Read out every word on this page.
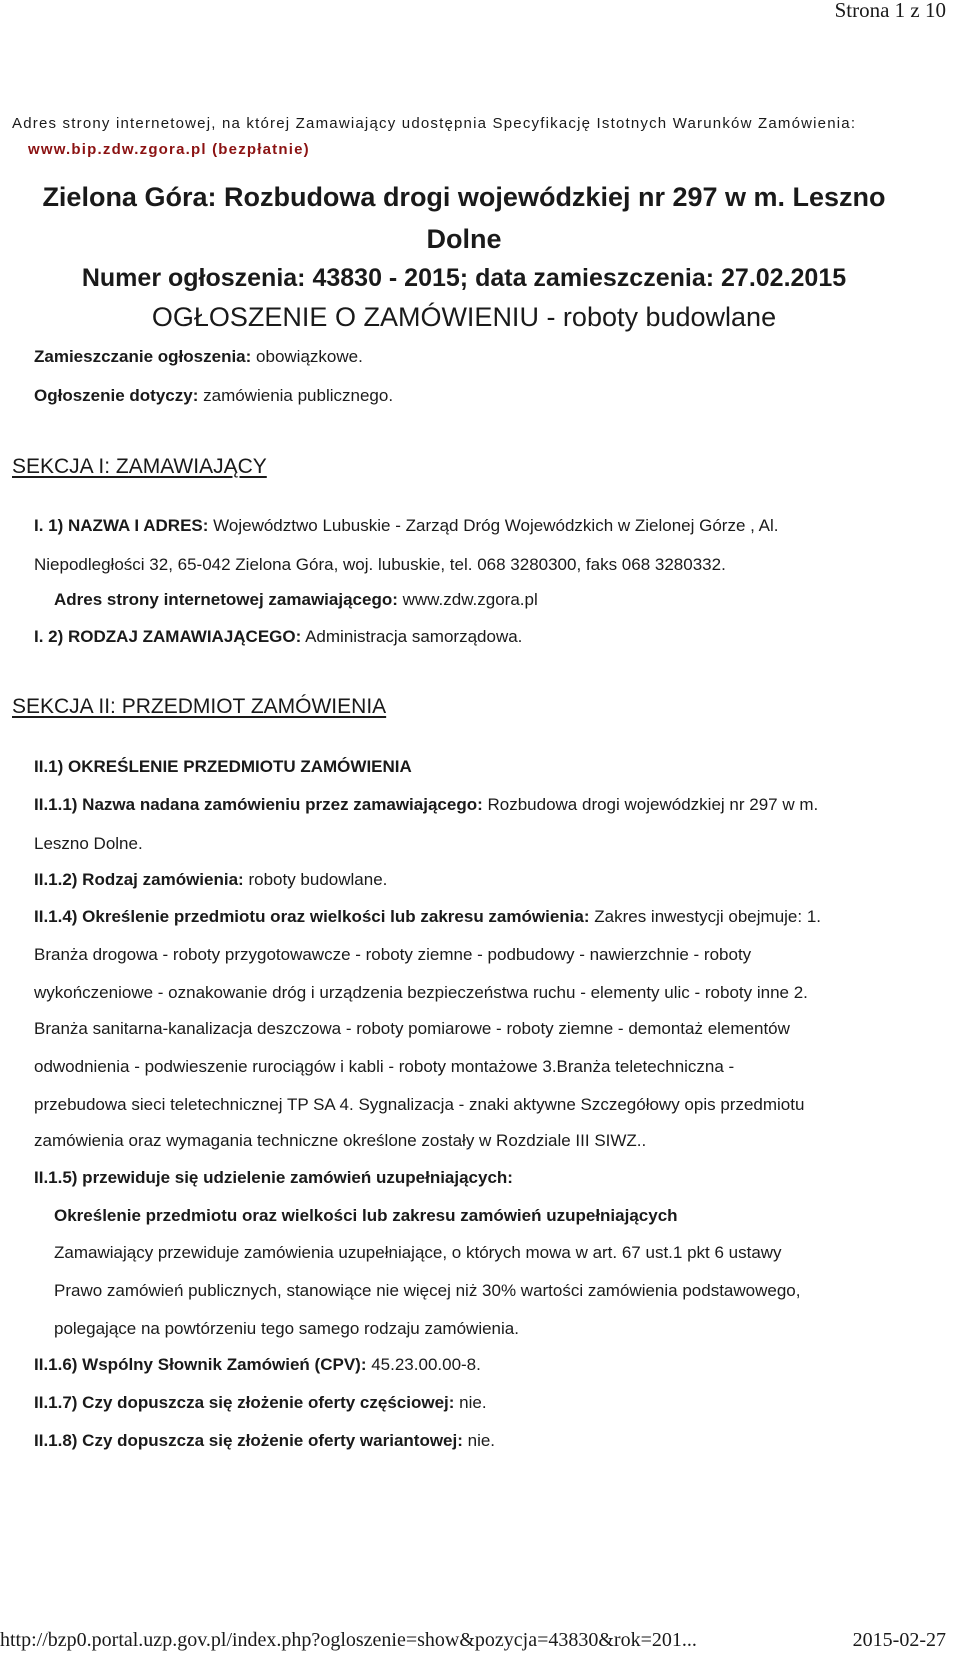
Strona 1 z 10
Adres strony internetowej, na której Zamawiający udostępnia Specyfikację Istotnych Warunków Zamówienia:
www.bip.zdw.zgora.pl (bezpłatnie)
Zielona Góra: Rozbudowa drogi wojewódzkiej nr 297 w m. Leszno
Dolne
Numer ogłoszenia: 43830 - 2015; data zamieszczenia: 27.02.2015
OGŁOSZENIE O ZAMÓWIENIU - roboty budowlane
Zamieszczanie ogłoszenia: obowiązkowe.
Ogłoszenie dotyczy: zamówienia publicznego.
SEKCJA I: ZAMAWIAJĄCY
I. 1) NAZWA I ADRES: Województwo Lubuskie - Zarząd Dróg Wojewódzkich w Zielonej Górze , Al.
Niepodległości 32, 65-042 Zielona Góra, woj. lubuskie, tel. 068 3280300, faks 068 3280332.
Adres strony internetowej zamawiającego: www.zdw.zgora.pl
I. 2) RODZAJ ZAMAWIAJĄCEGO: Administracja samorządowa.
SEKCJA II: PRZEDMIOT ZAMÓWIENIA
II.1) OKREŚLENIE PRZEDMIOTU ZAMÓWIENIA
II.1.1) Nazwa nadana zamówieniu przez zamawiającego: Rozbudowa drogi wojewódzkiej nr 297 w m.
Leszno Dolne.
II.1.2) Rodzaj zamówienia: roboty budowlane.
II.1.4) Określenie przedmiotu oraz wielkości lub zakresu zamówienia: Zakres inwestycji obejmuje: 1.
Branża drogowa - roboty przygotowawcze - roboty ziemne - podbudowy - nawierzchnie - roboty
wykończeniowe - oznakowanie dróg i urządzenia bezpieczeństwa ruchu - elementy ulic - roboty inne 2.
Branża sanitarna-kanalizacja deszczowa - roboty pomiarowe - roboty ziemne - demontaż elementów
odwodnienia - podwieszenie rurociągów i kabli - roboty montażowe 3.Branża teletechniczna -
przebudowa sieci teletechnicznej TP SA 4. Sygnalizacja - znaki aktywne Szczegółowy opis przedmiotu
zamówienia oraz wymagania techniczne określone zostały w Rozdziale III SIWZ..
II.1.5) przewiduje się udzielenie zamówień uzupełniających:
Określenie przedmiotu oraz wielkości lub zakresu zamówień uzupełniających
Zamawiający przewiduje zamówienia uzupełniające, o których mowa w art. 67 ust.1 pkt 6 ustawy
Prawo zamówień publicznych, stanowiące nie więcej niż 30% wartości zamówienia podstawowego,
polegające na powtórzeniu tego samego rodzaju zamówienia.
II.1.6) Wspólny Słownik Zamówień (CPV): 45.23.00.00-8.
II.1.7) Czy dopuszcza się złożenie oferty częściowej: nie.
II.1.8) Czy dopuszcza się złożenie oferty wariantowej: nie.
http://bzp0.portal.uzp.gov.pl/index.php?ogloszenie=show&pozycja=43830&rok=201...	2015-02-27
